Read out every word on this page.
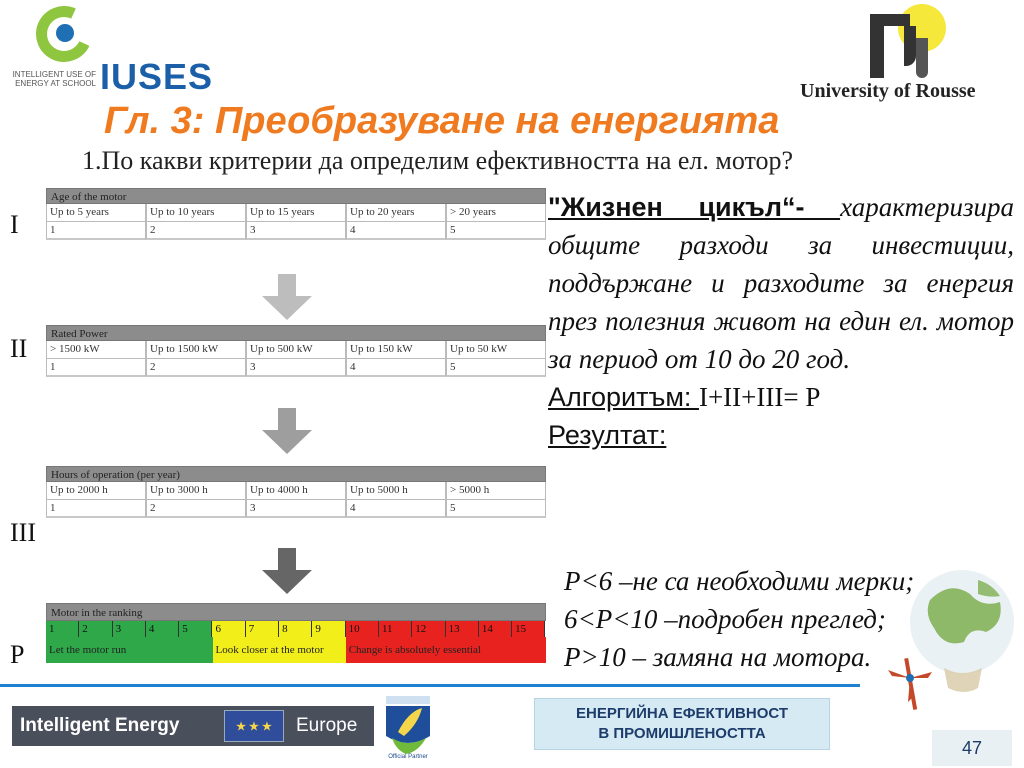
INTELLIGENT USE OF ENERGY AT SCHOOL IUSES	University of Rousse
Гл. 3: Преобразуване на енергията
1.По какви критерии да определим ефективността на ел. мотор?
I
II
III
P
Age of the motor
Up to 5 years	Up to 10 years	Up to 15 years	Up to 20 years	> 20 years
1	2	3	4	5
Rated Power
> 1500 kW	Up to 1500 kW	Up to 500 kW	Up to 150 kW	Up to 50 kW
1	2	3	4	5
Hours of operation (per year)
Up to 2000 h	Up to 3000 h	Up to 4000 h	Up to 5000 h	> 5000 h
1	2	3	4	5
Motor in the ranking
1	2	3	4	5	6	7	8	9	10	11	12	13	14	15
Let the motor run	Look closer at the motor	Change is absolutely essential
"Жизнен цикъл“- характеризира общите разходи за инвестиции, поддържане и разходите за енергия през полезния живот на един ел. мотор за период от 10 до 20 год.
Алгоритъм: I+II+III= P
Резултат:
P<6 –не са необходими мерки;
6<P<10 –подробен преглед;
P>10 – замяна на мотора.
Intelligent Energy	★ ★ ★	Europe
Official Partner
ЕНЕРГИЙНА ЕФЕКТИВНОСТ
В ПРОМИШЛЕНОСТТА
47
